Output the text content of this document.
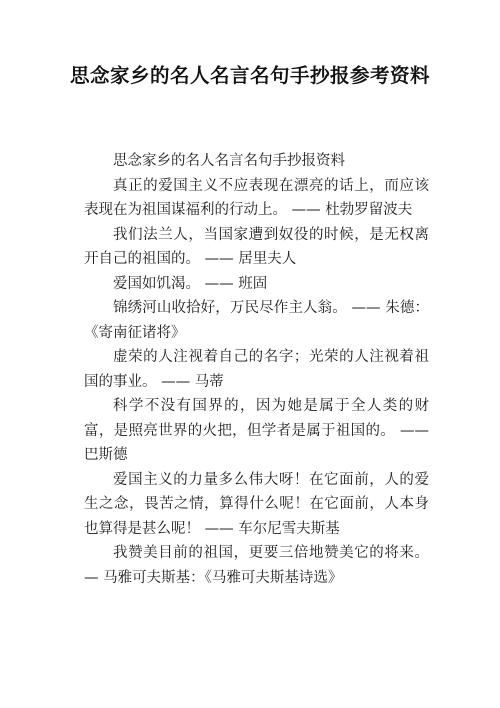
思念家乡的名人名言名句手抄报参考资料

思念家乡的名人名言名句手抄报资料

真正的爱国主义不应表现在漂亮的话上，而应该表现在为祖国谋福利的行动上。 —— 杜勃罗留波夫

我们法兰人，当国家遭到奴役的时候，是无权离开自己的祖国的。 —— 居里夫人

爱国如饥渴。 —— 班固

锦绣河山收拾好，万民尽作主人翁。 —— 朱德：《寄南征诸将》

虚荣的人注视着自己的名字；光荣的人注视着祖国的事业。 —— 马蒂

科学不没有国界的，因为她是属于全人类的财富，是照亮世界的火把，但学者是属于祖国的。 —— 巴斯德

爱国主义的力量多么伟大呀！在它面前，人的爱生之念，畏苦之情，算得什么呢！在它面前，人本身也算得是甚么呢！ —— 车尔尼雪夫斯基

我赞美目前的祖国，更要三倍地赞美它的将来。 — 马雅可夫斯基：《马雅可夫斯基诗选》
